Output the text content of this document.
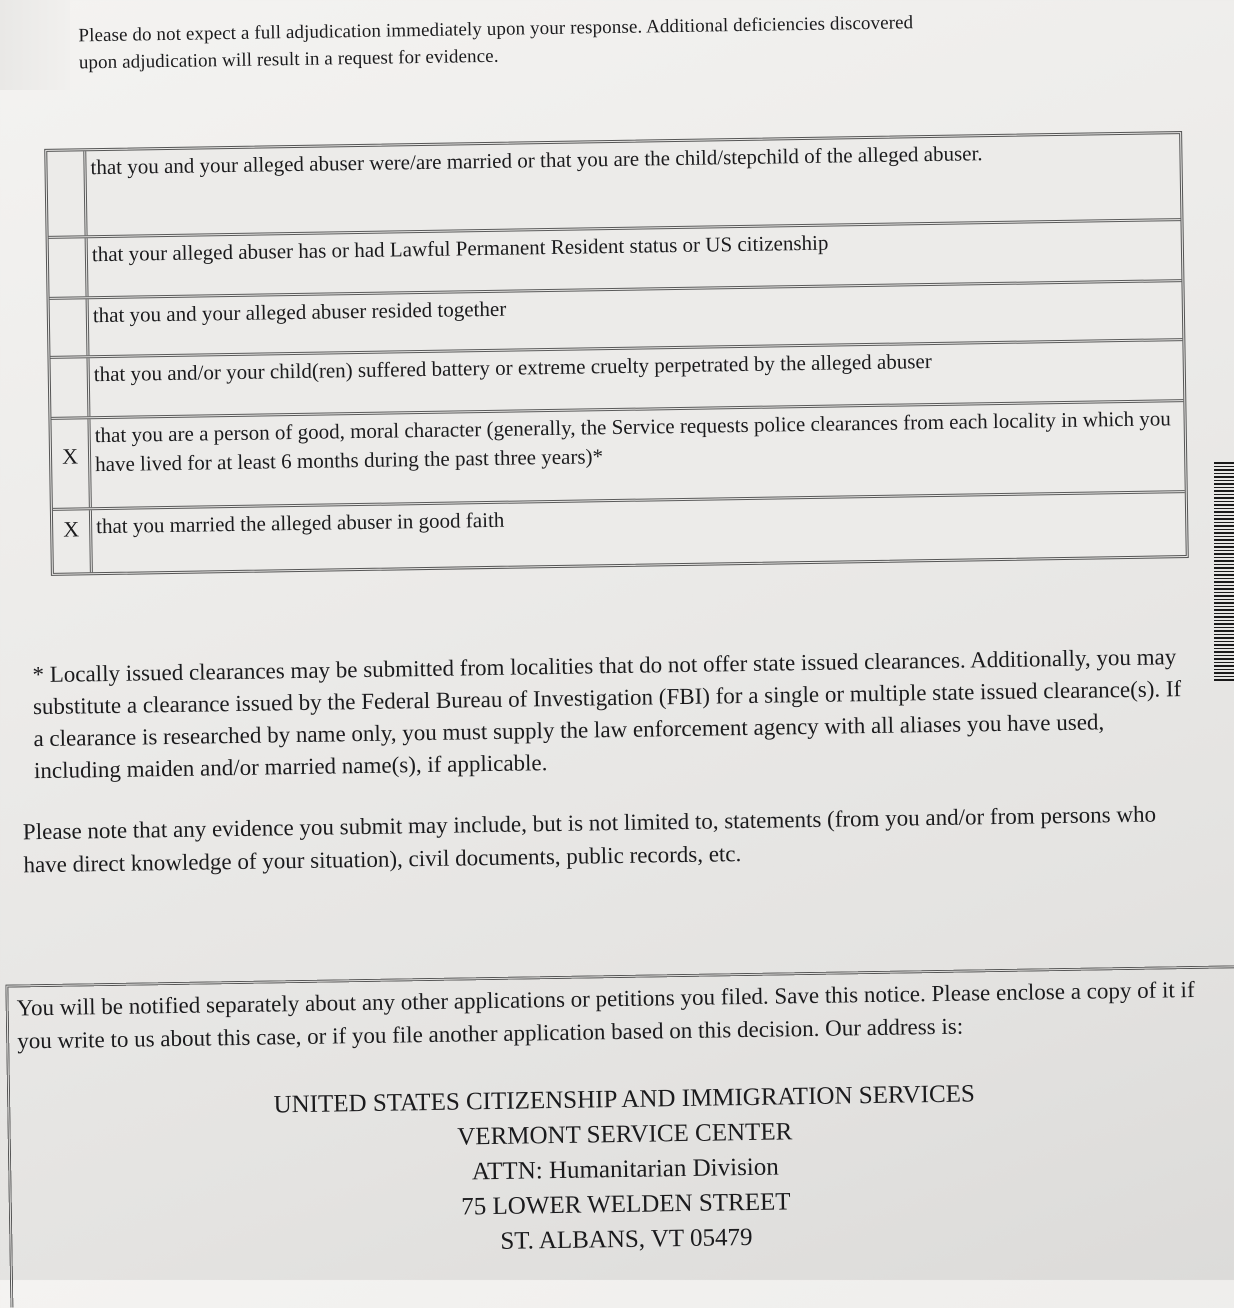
Please do not expect a full adjudication immediately upon your response. Additional deficiencies discovered
upon adjudication will result in a request for evidence.
that you and your alleged abuser were/are married or that you are the child/stepchild of the alleged abuser.
that your alleged abuser has or had Lawful Permanent Resident status or US citizenship
that you and your alleged abuser resided together
that you and/or your child(ren) suffered battery or extreme cruelty perpetrated by the alleged abuser
X
that you are a person of good, moral character (generally, the Service requests police clearances from each locality in which you have lived for at least 6 months during the past three years)*
X that you married the alleged abuser in good faith
* Locally issued clearances may be submitted from localities that do not offer state issued clearances. Additionally, you may substitute a clearance issued by the Federal Bureau of Investigation (FBI) for a single or multiple state issued clearance(s). If a clearance is researched by name only, you must supply the law enforcement agency with all aliases you have used, including maiden and/or married name(s), if applicable.
Please note that any evidence you submit may include, but is not limited to, statements (from you and/or from persons who have direct knowledge of your situation), civil documents, public records, etc.
You will be notified separately about any other applications or petitions you filed. Save this notice. Please enclose a copy of it if you write to us about this case, or if you file another application based on this decision. Our address is:
UNITED STATES CITIZENSHIP AND IMMIGRATION SERVICES
VERMONT SERVICE CENTER
ATTN: Humanitarian Division
75 LOWER WELDEN STREET
ST. ALBANS, VT 05479
